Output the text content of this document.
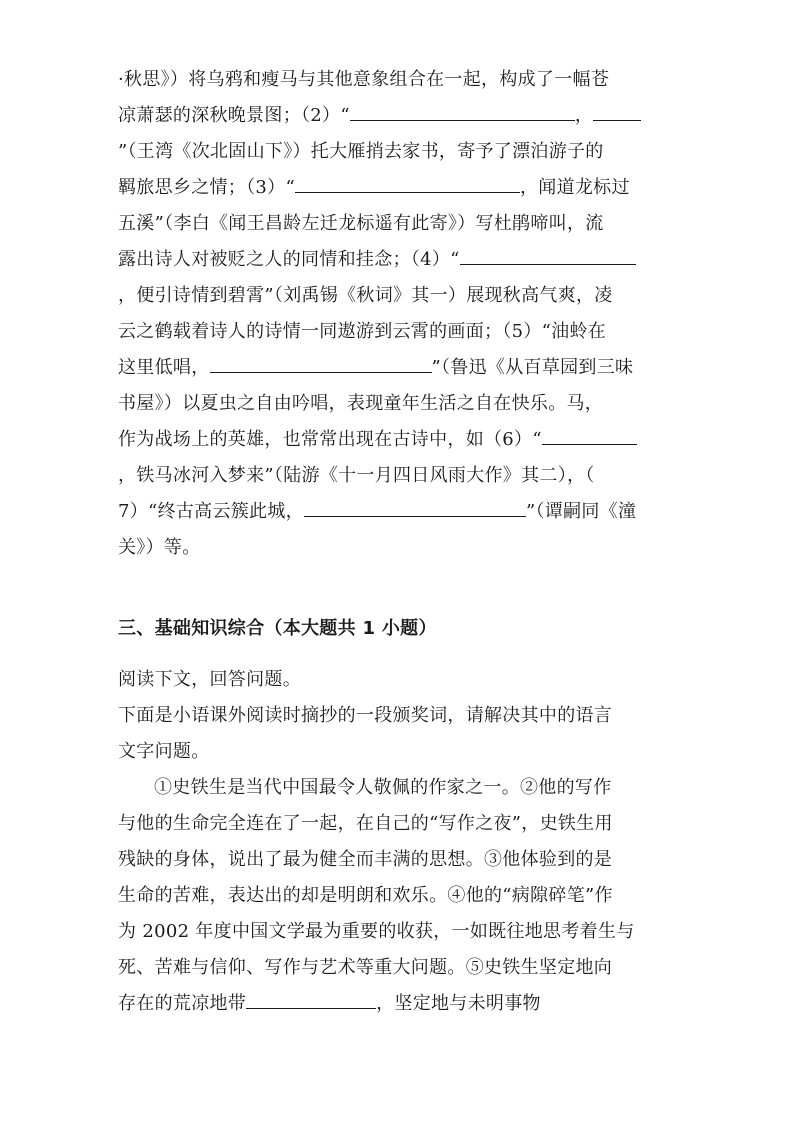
·秋思》）将乌鸦和瘦马与其他意象组合在一起，构成了一幅苍
凉萧瑟的深秋晚景图；（2）“	，
”（王湾《次北固山下》）托大雁捎去家书，寄予了漂泊游子的
羁旅思乡之情；（3）“	，闻道龙标过
五溪”（李白《闻王昌龄左迁龙标遥有此寄》）写杜鹃啼叫，流
露出诗人对被贬之人的同情和挂念；（4）“
，便引诗情到碧霄”（刘禹锡《秋词》其一）展现秋高气爽，凌
云之鹤载着诗人的诗情一同遨游到云霄的画面；（5）“油蛉在
这里低唱，	”（鲁迅《从百草园到三味
书屋》）以夏虫之自由吟唱，表现童年生活之自在快乐。马，
作为战场上的英雄，也常常出现在古诗中，如（6）“
，铁马冰河入梦来”（陆游《十一月四日风雨大作》其二），（
7）“终古高云簇此城，	”（谭嗣同《潼
关》）等。
三、基础知识综合（本大题共 1 小题）
阅读下文，回答问题。
下面是小语课外阅读时摘抄的一段颁奖词，请解决其中的语言
文字问题。
①史铁生是当代中国最令人敬佩的作家之一。②他的写作
与他的生命完全连在了一起，在自己的“写作之夜”，史铁生用
残缺的身体，说出了最为健全而丰满的思想。③他体验到的是
生命的苦难，表达出的却是明朗和欢乐。④他的“病隙碎笔”作
为 2002 年度中国文学最为重要的收获，一如既往地思考着生与
死、苦难与信仰、写作与艺术等重大问题。⑤史铁生坚定地向
存在的荒凉地带	，坚定地与未明事物
